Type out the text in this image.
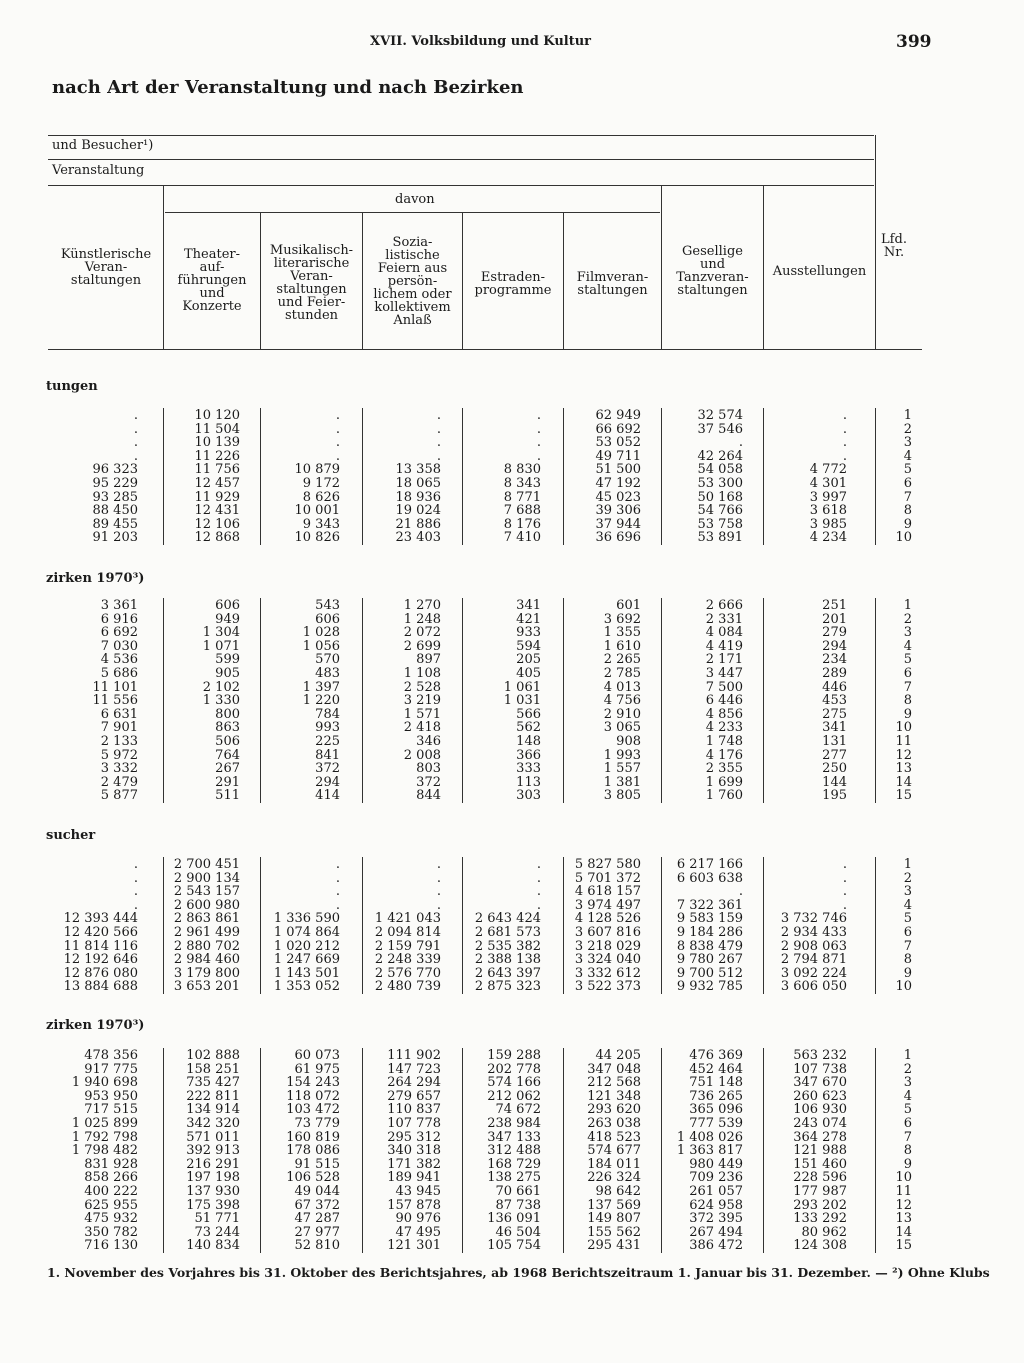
XVII. Volksbildung und Kultur	399
nach Art der Veranstaltung und nach Bezirken
und Besucher¹)
Veranstaltung
davon
Künstlerische
Veran-
staltungen
Theater-
auf-
führungen
und
Konzerte
Musikalisch-
literarische
Veran-
staltungen
und Feier-
stunden
Sozia-
listische
Feiern aus
persön-
lichem oder
kollektivem
Anlaß
Estraden-
programme
Filmveran-
staltungen
Gesellige
und
Tanzveran-
staltungen
Ausstellungen
Lfd.
Nr.
tungen
.
.
.
.
96 323
95 229
93 285
88 450
89 455
91 203
10 120
11 504
10 139
11 226
11 756
12 457
11 929
12 431
12 106
12 868
.
.
.
.
10 879
9 172
8 626
10 001
9 343
10 826
.
.
.
.
13 358
18 065
18 936
19 024
21 886
23 403
.
.
.
.
8 830
8 343
8 771
7 688
8 176
7 410
62 949
66 692
53 052
49 711
51 500
47 192
45 023
39 306
37 944
36 696
32 574
37 546
.
42 264
54 058
53 300
50 168
54 766
53 758
53 891
.
.
.
.
4 772
4 301
3 997
3 618
3 985
4 234
1
2
3
4
5
6
7
8
9
10
zirken 1970³)
3 361
6 916
6 692
7 030
4 536
5 686
11 101
11 556
6 631
7 901
2 133
5 972
3 332
2 479
5 877
606
949
1 304
1 071
599
905
2 102
1 330
800
863
506
764
267
291
511
543
606
1 028
1 056
570
483
1 397
1 220
784
993
225
841
372
294
414
1 270
1 248
2 072
2 699
897
1 108
2 528
3 219
1 571
2 418
346
2 008
803
372
844
341
421
933
594
205
405
1 061
1 031
566
562
148
366
333
113
303
601
3 692
1 355
1 610
2 265
2 785
4 013
4 756
2 910
3 065
908
1 993
1 557
1 381
3 805
2 666
2 331
4 084
4 419
2 171
3 447
7 500
6 446
4 856
4 233
1 748
4 176
2 355
1 699
1 760
251
201
279
294
234
289
446
453
275
341
131
277
250
144
195
1
2
3
4
5
6
7
8
9
10
11
12
13
14
15
sucher
.
.
.
.
12 393 444
12 420 566
11 814 116
12 192 646
12 876 080
13 884 688
2 700 451
2 900 134
2 543 157
2 600 980
2 863 861
2 961 499
2 880 702
2 984 460
3 179 800
3 653 201
.
.
.
.
1 336 590
1 074 864
1 020 212
1 247 669
1 143 501
1 353 052
.
.
.
.
1 421 043
2 094 814
2 159 791
2 248 339
2 576 770
2 480 739
.
.
.
.
2 643 424
2 681 573
2 535 382
2 388 138
2 643 397
2 875 323
5 827 580
5 701 372
4 618 157
3 974 497
4 128 526
3 607 816
3 218 029
3 324 040
3 332 612
3 522 373
6 217 166
6 603 638
.
7 322 361
9 583 159
9 184 286
8 838 479
9 780 267
9 700 512
9 932 785
.
.
.
.
3 732 746
2 934 433
2 908 063
2 794 871
3 092 224
3 606 050
1
2
3
4
5
6
7
8
9
10
zirken 1970³)
478 356
917 775
1 940 698
953 950
717 515
1 025 899
1 792 798
1 798 482
831 928
858 266
400 222
625 955
475 932
350 782
716 130
102 888
158 251
735 427
222 811
134 914
342 320
571 011
392 913
216 291
197 198
137 930
175 398
51 771
73 244
140 834
60 073
61 975
154 243
118 072
103 472
73 779
160 819
178 086
91 515
106 528
49 044
67 372
47 287
27 977
52 810
111 902
147 723
264 294
279 657
110 837
107 778
295 312
340 318
171 382
189 941
43 945
157 878
90 976
47 495
121 301
159 288
202 778
574 166
212 062
74 672
238 984
347 133
312 488
168 729
138 275
70 661
87 738
136 091
46 504
105 754
44 205
347 048
212 568
121 348
293 620
263 038
418 523
574 677
184 011
226 324
98 642
137 569
149 807
155 562
295 431
476 369
452 464
751 148
736 265
365 096
777 539
1 408 026
1 363 817
980 449
709 236
261 057
624 958
372 395
267 494
386 472
563 232
107 738
347 670
260 623
106 930
243 074
364 278
121 988
151 460
228 596
177 987
293 202
133 292
80 962
124 308
1
2
3
4
5
6
7
8
9
10
11
12
13
14
15
1. November des Vorjahres bis 31. Oktober des Berichtsjahres, ab 1968 Berichtszeitraum 1. Januar bis 31. Dezember. — ²) Ohne Klubs
